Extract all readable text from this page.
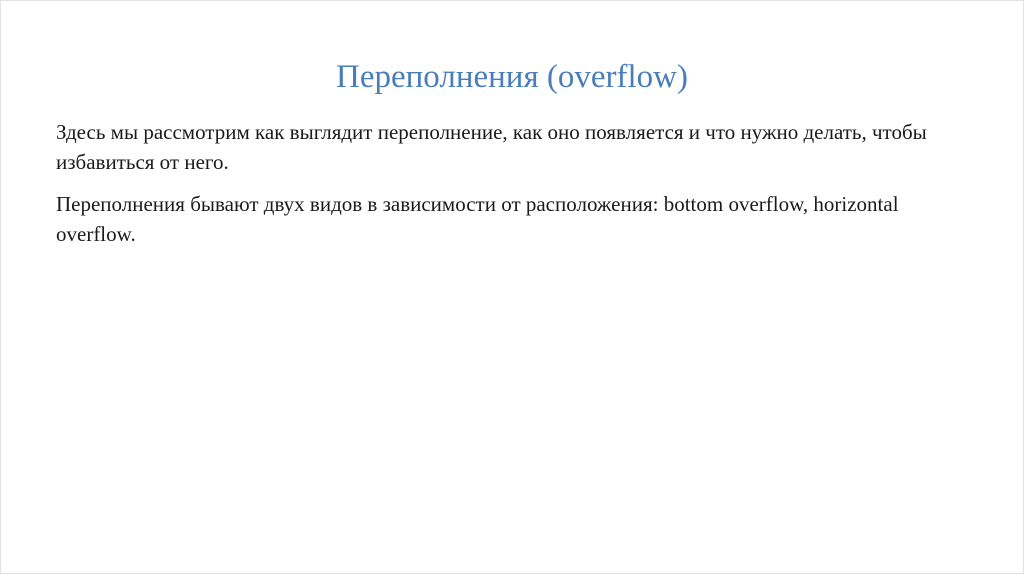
Переполнения (overflow)

Здесь мы рассмотрим как выглядит переполнение, как оно появляется и что нужно делать, чтобы избавиться от него.

Переполнения бывают двух видов в зависимости от расположения: bottom overflow, horizontal overflow.
